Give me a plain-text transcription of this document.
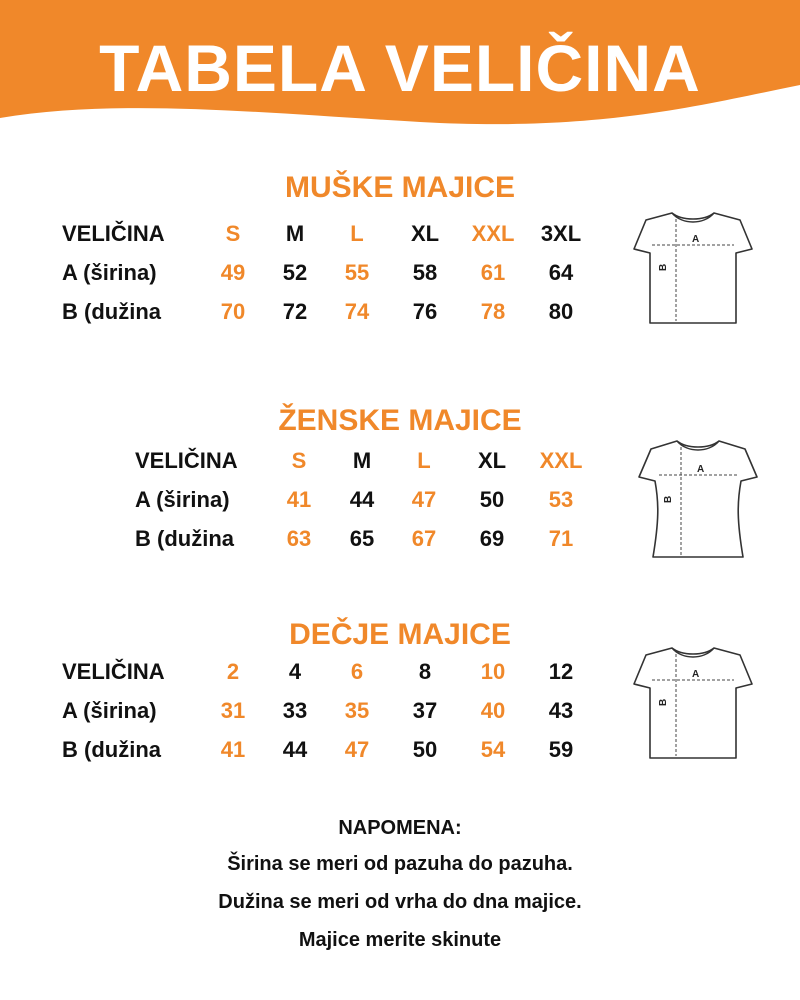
TABELA VELIČINA
MUŠKE MAJICE
VELIČINA	S	M	L	XL	XXL	3XL
A (širina)	49	52	55	58	61	64
B (dužina	70	72	74	76	78	80
A
B
ŽENSKE MAJICE
VELIČINA	S	M	L	XL	XXL
A (širina)	41	44	47	50	53
B (dužina	63	65	67	69	71
A
B
DEČJE MAJICE
VELIČINA	2	4	6	8	10	12
A (širina)	31	33	35	37	40	43
B (dužina	41	44	47	50	54	59
A
B
NAPOMENA:
Širina se meri od pazuha do pazuha.
Dužina se meri od vrha do dna majice.
Majice merite skinute
